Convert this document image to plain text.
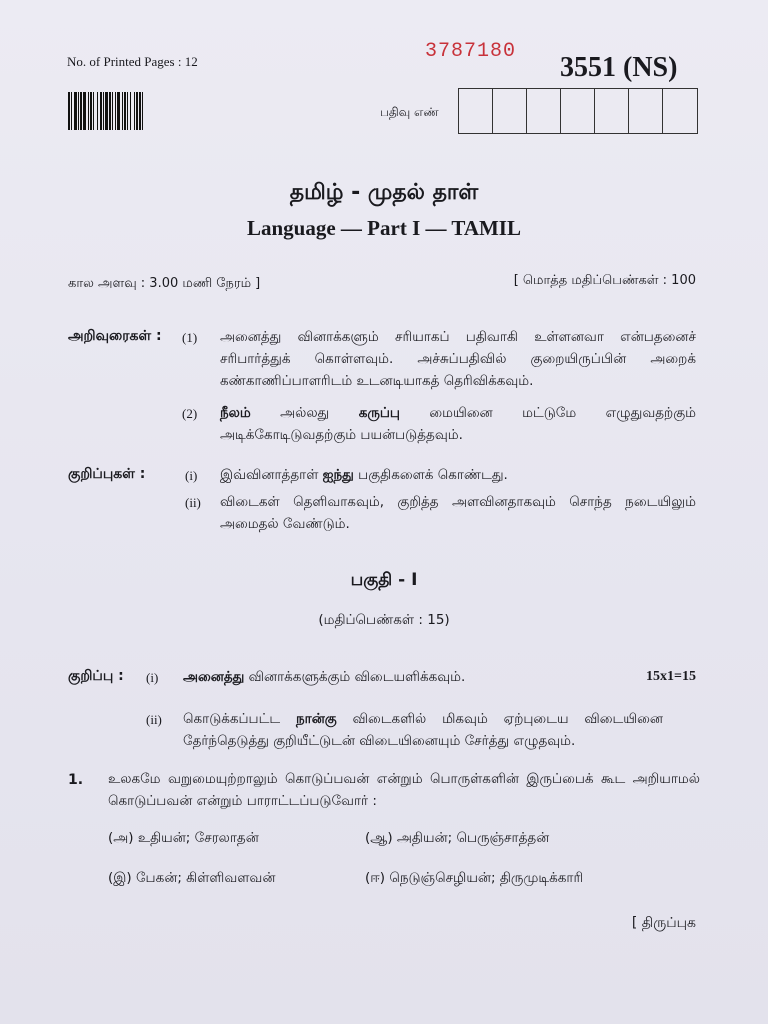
No. of Printed Pages : 12	3787180
3551 (NS)
பதிவு எண்
தமிழ் - முதல் தாள்
Language — Part I — TAMIL
கால அளவு : 3.00 மணி நேரம் ]	[ மொத்த மதிப்பெண்கள் : 100
அறிவுரைகள் : (1) அனைத்து வினாக்களும் சரியாகப் பதிவாகி உள்ளனவா என்பதனைச் சரிபார்த்துக் கொள்ளவும். அச்சுப்பதிவில் குறையிருப்பின் அறைக் கண்காணிப்பாளரிடம் உடனடியாகத் தெரிவிக்கவும்.
(2) நீலம் அல்லது கருப்பு மையினை மட்டுமே எழுதுவதற்கும் அடிக்கோடிடுவதற்கும் பயன்படுத்தவும்.
குறிப்புகள் :	(i) இவ்வினாத்தாள் ஐந்து பகுதிகளைக் கொண்டது.
(ii) விடைகள் தெளிவாகவும், குறித்த அளவினதாகவும் சொந்த நடையிலும் அமைதல் வேண்டும்.
பகுதி - I
(மதிப்பெண்கள் : 15)
குறிப்பு : (i) அனைத்து வினாக்களுக்கும் விடையளிக்கவும்.	15x1=15
(ii) கொடுக்கப்பட்ட நான்கு விடைகளில் மிகவும் ஏற்புடைய விடையினை தேர்ந்தெடுத்து குறியீட்டுடன் விடையினையும் சேர்த்து எழுதவும்.
1. உலகமே வறுமையுற்றாலும் கொடுப்பவன் என்றும் பொருள்களின் இருப்பைக் கூட அறியாமல் கொடுப்பவன் என்றும் பாராட்டப்படுவோர் :
(அ) உதியன்; சேரலாதன்	(ஆ) அதியன்; பெருஞ்சாத்தன்
(இ) பேகன்; கிள்ளிவளவன்	(ஈ) நெடுஞ்செழியன்; திருமுடிக்காரி
[ திருப்புக
